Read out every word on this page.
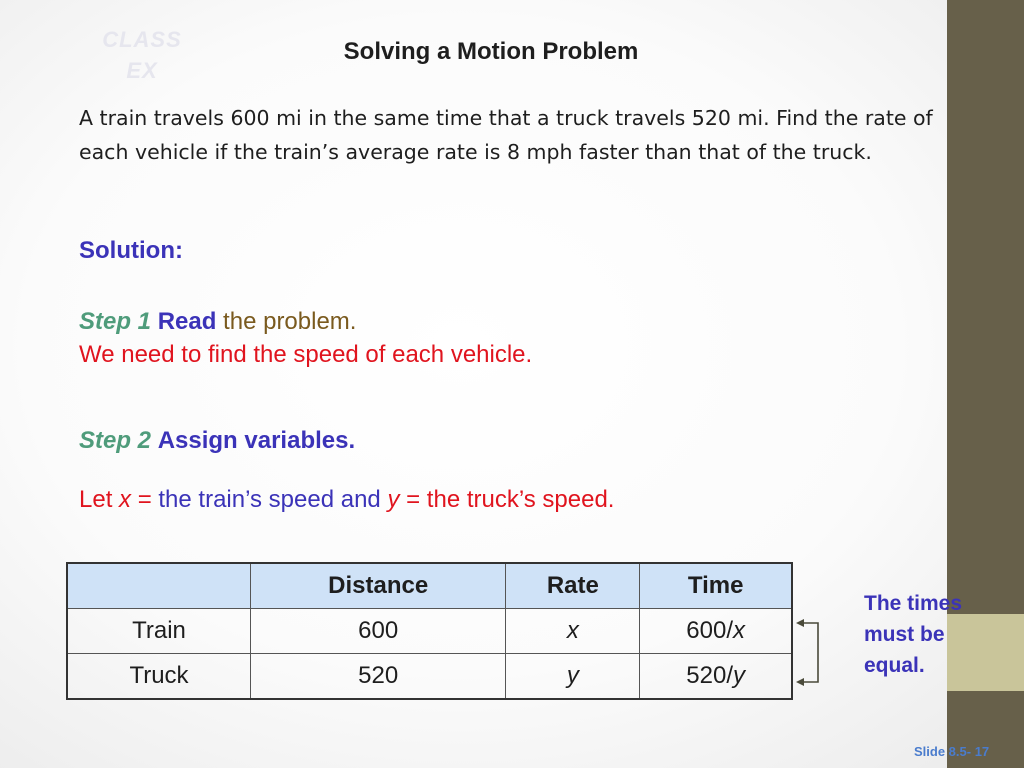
CLASS
EX
Solving a Motion Problem
A train travels 600 mi in the same time that a truck travels 520 mi. Find the rate of each vehicle if the train’s average rate is 8 mph faster than that of the truck.
Solution:
Step 1 Read the problem.
We need to find the speed of each vehicle.
Step 2 Assign variables.
Let x = the train’s speed and y = the truck’s speed.
	Distance	Rate	Time
Train	600	x	600/x
Truck	520	y	520/y
The times
must be
equal.
Slide 8.5- 17
